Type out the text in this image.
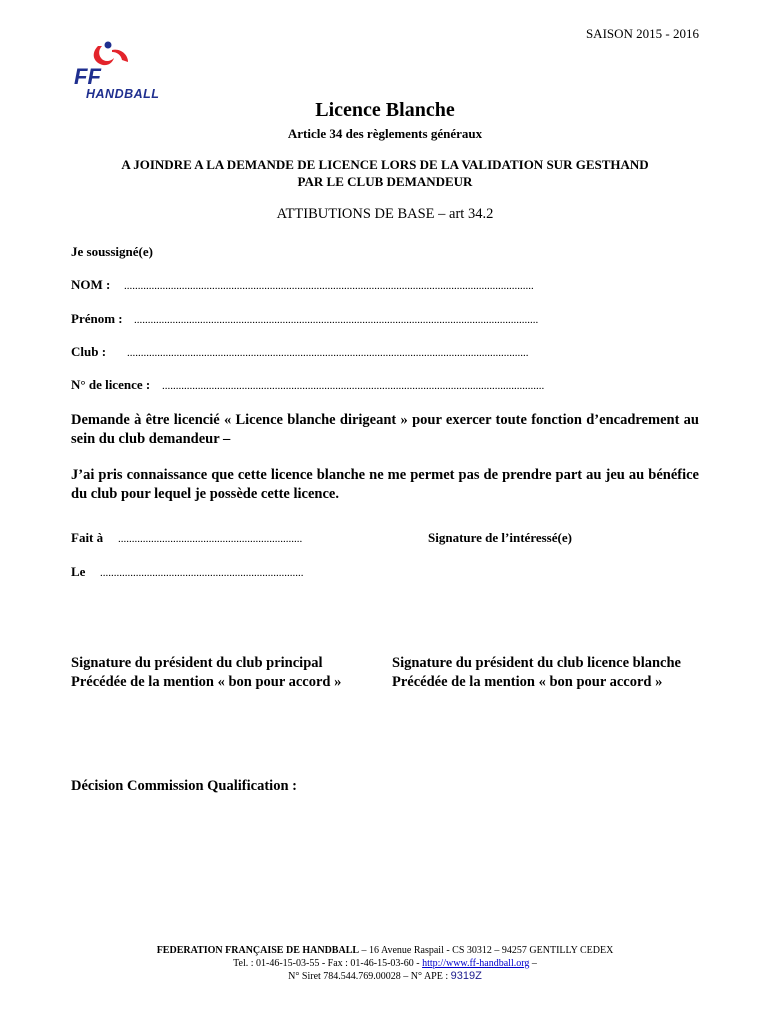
SAISON 2015 - 2016
FF
HANDBALL
Licence Blanche
Article 34 des règlements généraux
A JOINDRE A LA DEMANDE DE LICENCE LORS DE LA VALIDATION SUR GESTHAND
PAR LE CLUB DEMANDEUR
ATTIBUTIONS DE BASE – art 34.2
Je soussigné(e)
NOM : .....................................................................................................................................................
Prénom : ...................................................................................................................................................
Club : ..................................................................................................................................................
N° de licence : ...........................................................................................................................................
Demande à être licencié « Licence blanche dirigeant » pour exercer toute fonction d’encadrement au sein du club demandeur –
J’ai pris connaissance que cette licence blanche ne me permet pas de prendre part au jeu au bénéfice du club pour lequel je possède cette licence.
Fait à ...................................................................	Signature de l’intéressé(e)
Le ..........................................................................
Signature du président du club principal
Précédée de la mention « bon pour accord »
Signature du président du club licence blanche
Précédée de la mention « bon pour accord »
Décision Commission Qualification :
FEDERATION FRANÇAISE DE HANDBALL – 16 Avenue Raspail - CS 30312 – 94257 GENTILLY CEDEX
Tel. : 01-46-15-03-55 - Fax : 01-46-15-03-60 - http://www.ff-handball.org –
N° Siret 784.544.769.00028 – N° APE : 9319Z
